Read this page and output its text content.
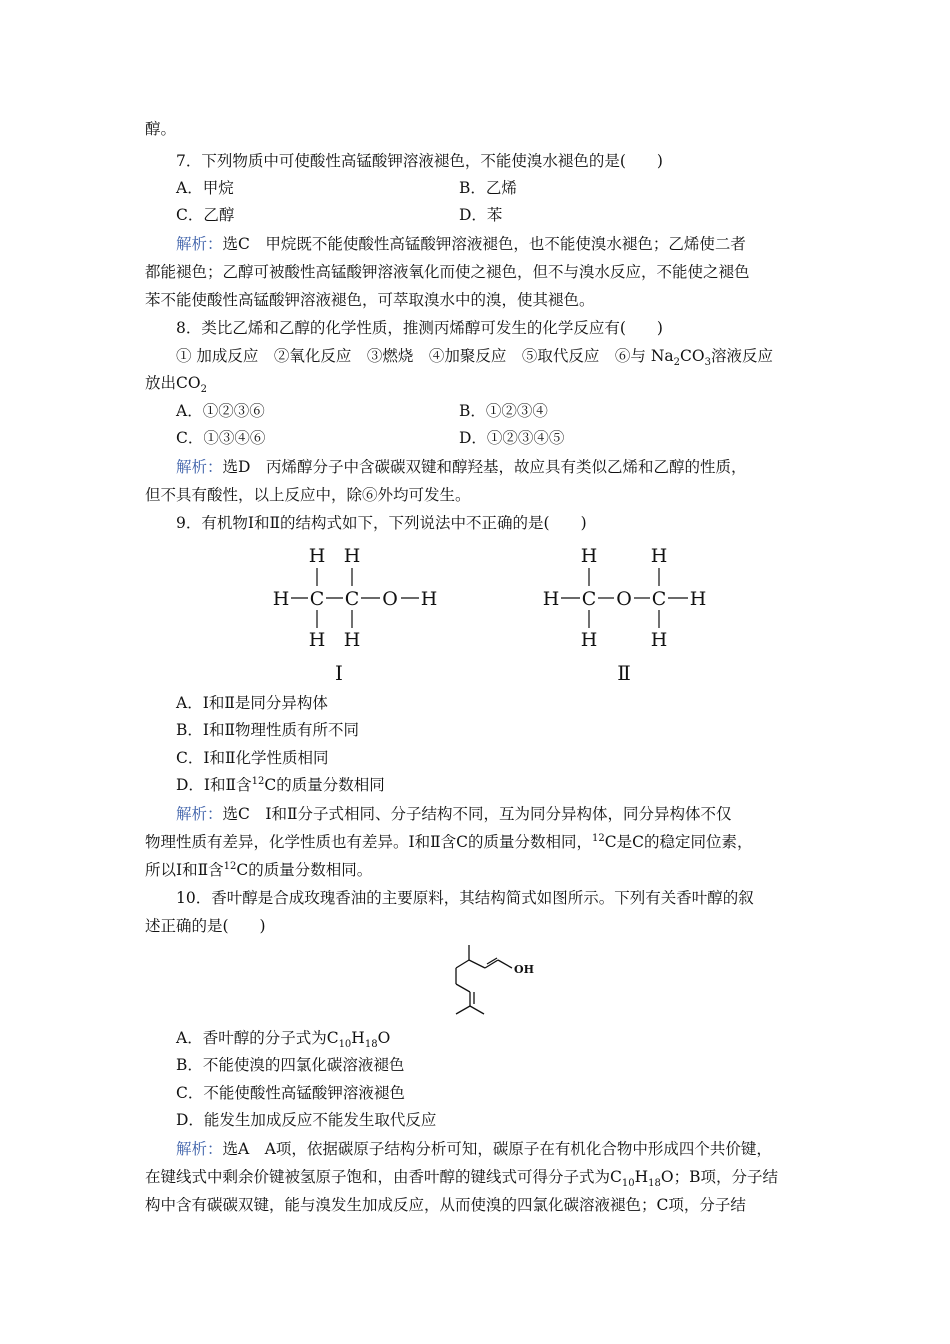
醇。
7．下列物质中可使酸性高锰酸钾溶液褪色，不能使溴水褪色的是(　　)
A．甲烷	B．乙烯
C．乙醇	D．苯
解析：选C　甲烷既不能使酸性高锰酸钾溶液褪色，也不能使溴水褪色；乙烯使二者
都能褪色；乙醇可被酸性高锰酸钾溶液氧化而使之褪色，但不与溴水反应，不能使之褪色
苯不能使酸性高锰酸钾溶液褪色，可萃取溴水中的溴，使其褪色。
8．类比乙烯和乙醇的化学性质，推测丙烯醇可发生的化学反应有(　　)
① 加成反应　②氧化反应　③燃烧　④加聚反应　⑤取代反应　⑥与 $Na_2CO_3$溶液反应
放出$CO_2$
A．①②③⑥	B．①②③④
C．①③④⑥	D．①②③④⑤
解析：选D　丙烯醇分子中含碳碳双键和醇羟基，故应具有类似乙烯和乙醇的性质，
但不具有酸性，以上反应中，除⑥外均可发生。
9．有机物Ⅰ和Ⅱ的结构式如下，下列说法中不正确的是(　　)
H H
H C C O H
H H
Ⅰ
H	H
H C O C H
H	H
Ⅱ
A．Ⅰ和Ⅱ是同分异构体
B．Ⅰ和Ⅱ物理性质有所不同
C．Ⅰ和Ⅱ化学性质相同
D．Ⅰ和Ⅱ含$^{12}$C的质量分数相同
解析：选C　Ⅰ和Ⅱ分子式相同、分子结构不同，互为同分异构体，同分异构体不仅
物理性质有差异，化学性质也有差异。Ⅰ和Ⅱ含C的质量分数相同，$^{12}$C是C的稳定同位素，
所以Ⅰ和Ⅱ含$^{12}$C的质量分数相同。
10．香叶醇是合成玫瑰香油的主要原料，其结构简式如图所示。下列有关香叶醇的叙
述正确的是(　　)
OH
A．香叶醇的分子式为$C_{10}H_{18}O$
B．不能使溴的四氯化碳溶液褪色
C．不能使酸性高锰酸钾溶液褪色
D．能发生加成反应不能发生取代反应
解析：选A　A项，依据碳原子结构分析可知，碳原子在有机化合物中形成四个共价键，
在键线式中剩余价键被氢原子饱和，由香叶醇的键线式可得分子式为$C_{10}H_{18}O$；B项，分子结
构中含有碳碳双键，能与溴发生加成反应，从而使溴的四氯化碳溶液褪色；C项，分子结
